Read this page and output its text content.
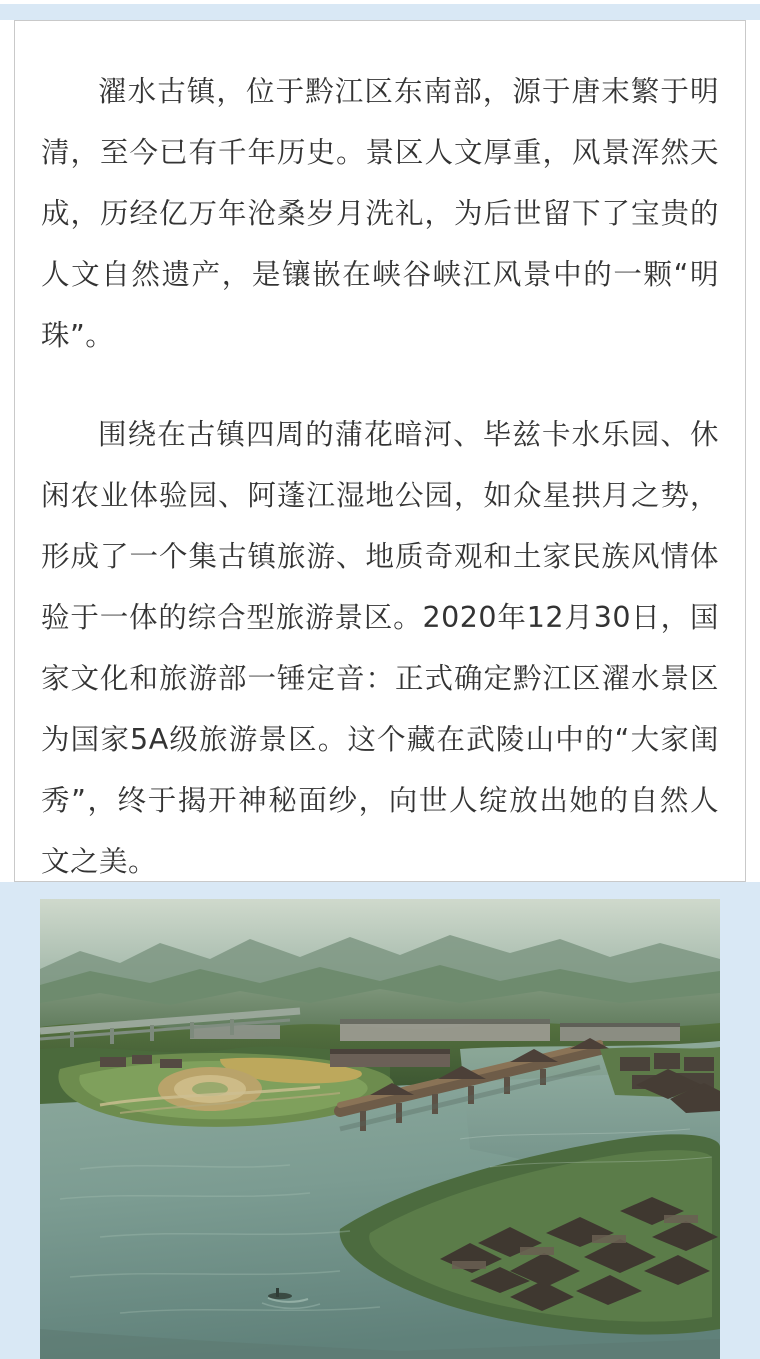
濯水古镇，位于黔江区东南部，源于唐末繁于明清，至今已有千年历史。景区人文厚重，风景浑然天成，历经亿万年沧桑岁月洗礼，为后世留下了宝贵的人文自然遗产，是镶嵌在峡谷峡江风景中的一颗“明珠”。

围绕在古镇四周的蒲花暗河、毕兹卡水乐园、休闲农业体验园、阿蓬江湿地公园，如众星拱月之势，形成了一个集古镇旅游、地质奇观和土家民族风情体验于一体的综合型旅游景区。2020年12月30日，国家文化和旅游部一锤定音：正式确定黔江区濯水景区为国家5A级旅游景区。这个藏在武陵山中的“大家闺秀”，终于揭开神秘面纱，向世人绽放出她的自然人文之美。
